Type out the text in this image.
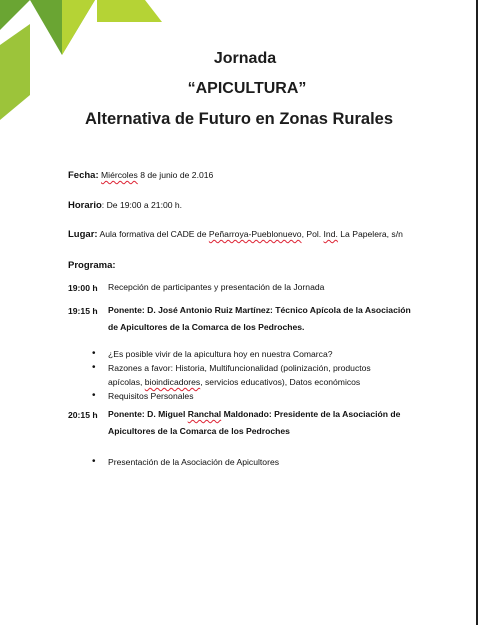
Jornada
“APICULTURA”
Alternativa de Futuro en Zonas Rurales
Fecha: Miércoles 8 de junio de 2.016
Horario: De 19:00 a 21:00 h.
Lugar: Aula formativa del CADE de Peñarroya-Pueblonuevo, Pol. Ind. La Papelera, s/n
Programa:
19:00 h Recepción de participantes y presentación de la Jornada
19:15 h Ponente: D. José Antonio Ruiz Martínez: Técnico Apícola de la Asociación
de Apicultores de la Comarca de los Pedroches.
• ¿Es posible vivir de la apicultura hoy en nuestra Comarca?
• Razones a favor: Historia, Multifuncionalidad (polinización, productos
apícolas, bioindicadores, servicios educativos), Datos económicos
• Requisitos Personales
20:15 h Ponente: D. Miguel Ranchal Maldonado: Presidente de la Asociación de
Apicultores de la Comarca de los Pedroches
• Presentación de la Asociación de Apicultores
